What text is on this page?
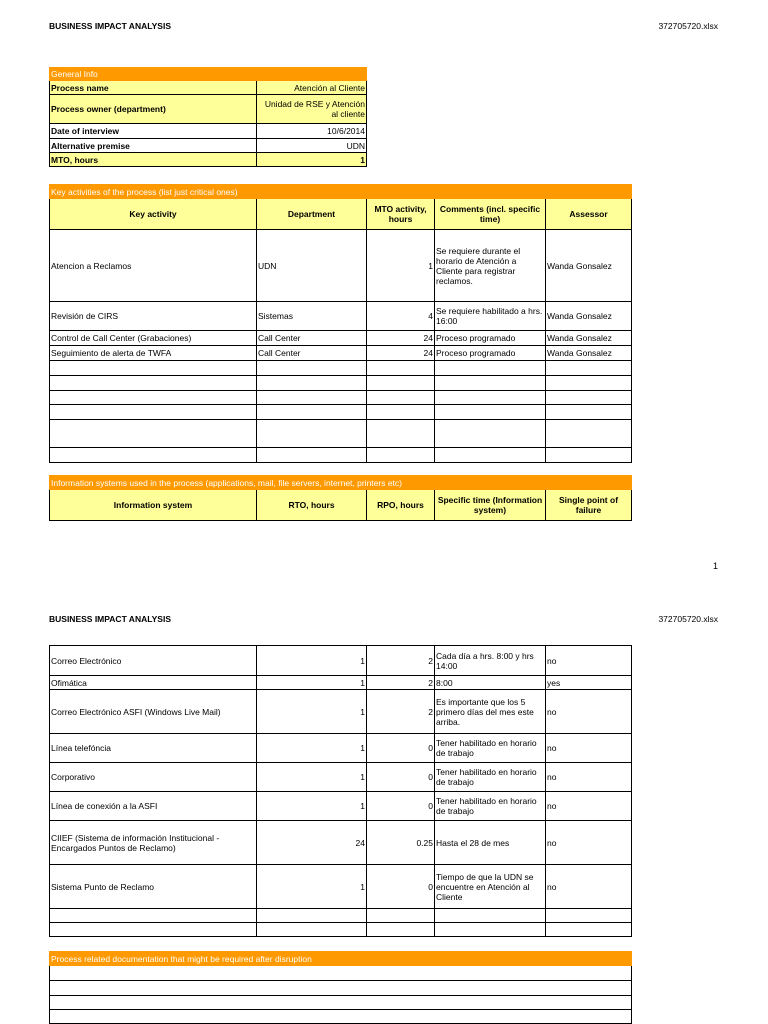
BUSINESS IMPACT ANALYSIS	372705720.xlsx
General Info	
Process name	Atención al Cliente
Process owner (department)	Unidad de RSE y Atención al cliente
Date of interview	10/6/2014
Alternative premise	UDN
MTO, hours	1
Key activities of the process (list just critical ones)				
Key activity	Department	MTO activity, hours	Comments (incl. specific time)	Assessor
Atencion a Reclamos	UDN	1	Se requiere durante el horario de Atención a Cliente para registrar reclamos.	Wanda Gonsalez
Revisión de CIRS	Sistemas	4	Se requiere habilitado a hrs. 16:00	Wanda Gonsalez
Control de Call Center (Grabaciones)	Call Center	24	Proceso programado	Wanda Gonsalez
Seguimiento de alerta de TWFA	Call Center	24	Proceso programado	Wanda Gonsalez

Information systems used in the process (applications, mail, file servers, internet, printers etc)
Information system	RTO, hours	RPO, hours	Specific time (Information system)	Single point of failure
1
BUSINESS IMPACT ANALYSIS	372705720.xlsx
Correo Electrónico	1	2	Cada día a hrs. 8:00 y hrs 14:00	no
Ofimática	1	2	8:00	yes
Correo Electrónico ASFI (Windows Live Mail)	1	2	Es importante que los 5 primero días del mes este arriba.	no
Línea telefóncia	1	0	Tener habilitado en horario de trabajo	no
Corporativo	1	0	Tener habilitado en horario de trabajo	no
Línea de conexión a la ASFI	1	0	Tener habilitado en horario de trabajo	no
CIIEF (Sistema de información Institucional - Encargados Puntos de Reclamo)	24	0.25	Hasta el 28 de mes	no
Sistema Punto de Reclamo	1	0	Tiempo de que la UDN se encuentre en Atención al Cliente	no

Process related documentation that might be required after disruption
